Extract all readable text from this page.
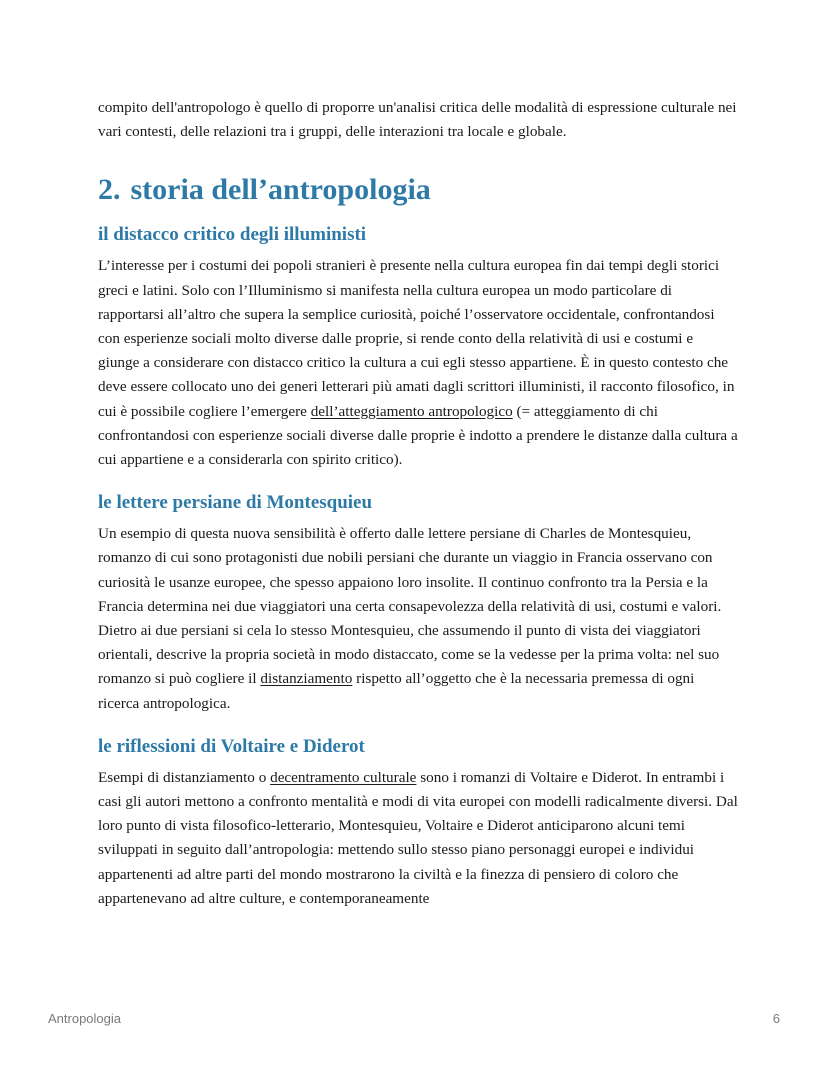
compito dell'antropologo è quello di proporre un'analisi critica delle modalità di espressione culturale nei vari contesti, delle relazioni tra i gruppi, delle interazioni tra locale e globale.

2. storia dell’antropologia
il distacco critico degli illuministi

L’interesse per i costumi dei popoli stranieri è presente nella cultura europea fin dai tempi degli storici greci e latini. Solo con l’Illuminismo si manifesta nella cultura europea un modo particolare di rapportarsi all’altro che supera la semplice curiosità, poiché l’osservatore occidentale, confrontandosi con esperienze sociali molto diverse dalle proprie, si rende conto della relatività di usi e costumi e giunge a considerare con distacco critico la cultura a cui egli stesso appartiene. È in questo contesto che deve essere collocato uno dei generi letterari più amati dagli scrittori illuministi, il racconto filosofico, in cui è possibile cogliere l’emergere dell’atteggiamento antropologico (= atteggiamento di chi confrontandosi con esperienze sociali diverse dalle proprie è indotto a prendere le distanze dalla cultura a cui appartiene e a considerarla con spirito critico).

le lettere persiane di Montesquieu

Un esempio di questa nuova sensibilità è offerto dalle lettere persiane di Charles de Montesquieu, romanzo di cui sono protagonisti due nobili persiani che durante un viaggio in Francia osservano con curiosità le usanze europee, che spesso appaiono loro insolite. Il continuo confronto tra la Persia e la Francia determina nei due viaggiatori una certa consapevolezza della relatività di usi, costumi e valori. Dietro ai due persiani si cela lo stesso Montesquieu, che assumendo il punto di vista dei viaggiatori orientali, descrive la propria società in modo distaccato, come se la vedesse per la prima volta: nel suo romanzo si può cogliere il distanziamento rispetto all’oggetto che è la necessaria premessa di ogni ricerca antropologica.

le riflessioni di Voltaire e Diderot

Esempi di distanziamento o decentramento culturale sono i romanzi di Voltaire e Diderot. In entrambi i casi gli autori mettono a confronto mentalità e modi di vita europei con modelli radicalmente diversi. Dal loro punto di vista filosofico-letterario, Montesquieu, Voltaire e Diderot anticiparono alcuni temi sviluppati in seguito dall’antropologia: mettendo sullo stesso piano personaggi europei e individui appartenenti ad altre parti del mondo mostrarono la civiltà e la finezza di pensiero di coloro che appartenevano ad altre culture, e contemporaneamente

Antropologia	6
